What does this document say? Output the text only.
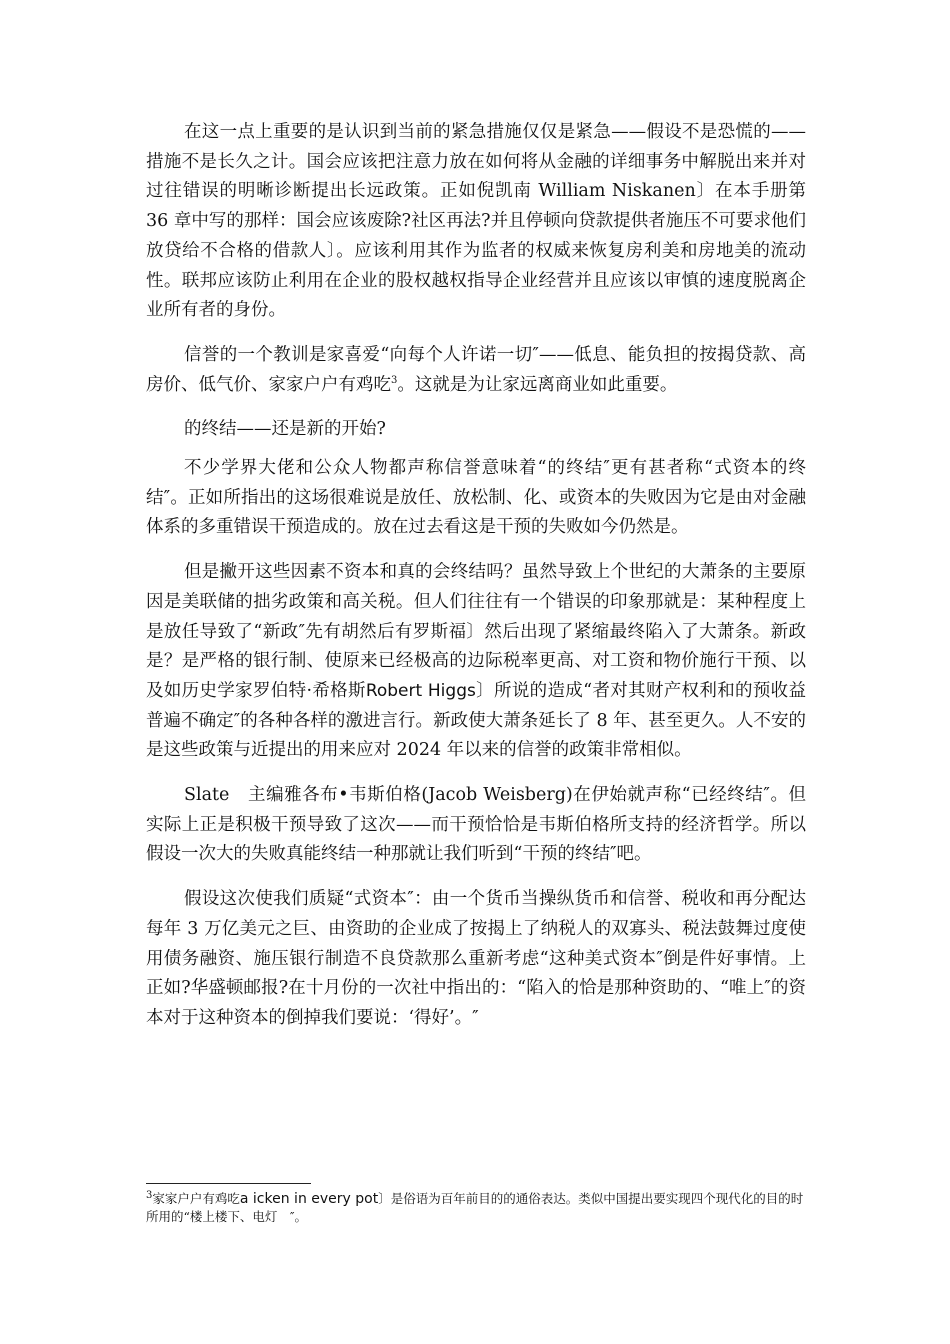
在这一点上重要的是认识到当前的紧急措施仅仅是紧急——假设不是恐慌的——措施不是长久之计。国会应该把注意力放在如何将从金融的详细事务中解脱出来并对过往错误的明晰诊断提出长远政策。正如倪凯南 William Niskanen〕在本手册第 36 章中写的那样：国会应该废除?社区再法?并且停顿向贷款提供者施压不可要求他们放贷给不合格的借款人〕。应该利用其作为监者的权威来恢复房利美和房地美的流动性。联邦应该防止利用在企业的股权越权指导企业经营并且应该以审慎的速度脱离企业所有者的身份。

信誉的一个教训是家喜爱“向每个人许诺一切″——低息、能负担的按揭贷款、高房价、低气价、家家户户有鸡吃$^3$。这就是为让家远离商业如此重要。

的终结——还是新的开始?

不少学界大佬和公众人物都声称信誉意味着“的终结″更有甚者称“式资本的终结″。正如所指出的这场很难说是放任、放松制、化、或资本的失败因为它是由对金融体系的多重错误干预造成的。放在过去看这是干预的失败如今仍然是。

但是撇开这些因素不资本和真的会终结吗？虽然导致上个世纪的大萧条的主要原因是美联储的拙劣政策和高关税。但人们往往有一个错误的印象那就是：某种程度上是放任导致了“新政″先有胡然后有罗斯福〕然后出现了紧缩最终陷入了大萧条。新政是？是严格的银行制、使原来已经极高的边际税率更高、对工资和物价施行干预、以及如历史学家罗伯特·希格斯Robert Higgs〕所说的造成“者对其财产权利和的预收益普遍不确定″的各种各样的激进言行。新政使大萧条延长了 8 年、甚至更久。人不安的是这些政策与近提出的用来应对 2024 年以来的信誉的政策非常相似。

Slate　主编雅各布•韦斯伯格(Jacob Weisberg)在伊始就声称“已经终结″。但实际上正是积极干预导致了这次——而干预恰恰是韦斯伯格所支持的经济哲学。所以假设一次大的失败真能终结一种那就让我们听到“干预的终结″吧。

假设这次使我们质疑“式资本″：由一个货币当操纵货币和信誉、税收和再分配达每年 3 万亿美元之巨、由资助的企业成了按揭上了纳税人的双寡头、税法鼓舞过度使用债务融资、施压银行制造不良贷款那么重新考虑“这种美式资本″倒是件好事情。上正如?华盛顿邮报?在十月份的一次社中指出的：“陷入的恰是那种资助的、“唯上″的资本对于这种资本的倒掉我们要说：‘得好’。″

$^3$家家户户有鸡吃a icken in every pot〕是俗语为百年前目的的通俗表达。类似中国提出要实现四个现代化的目的时所用的“楼上楼下、电灯　″。
